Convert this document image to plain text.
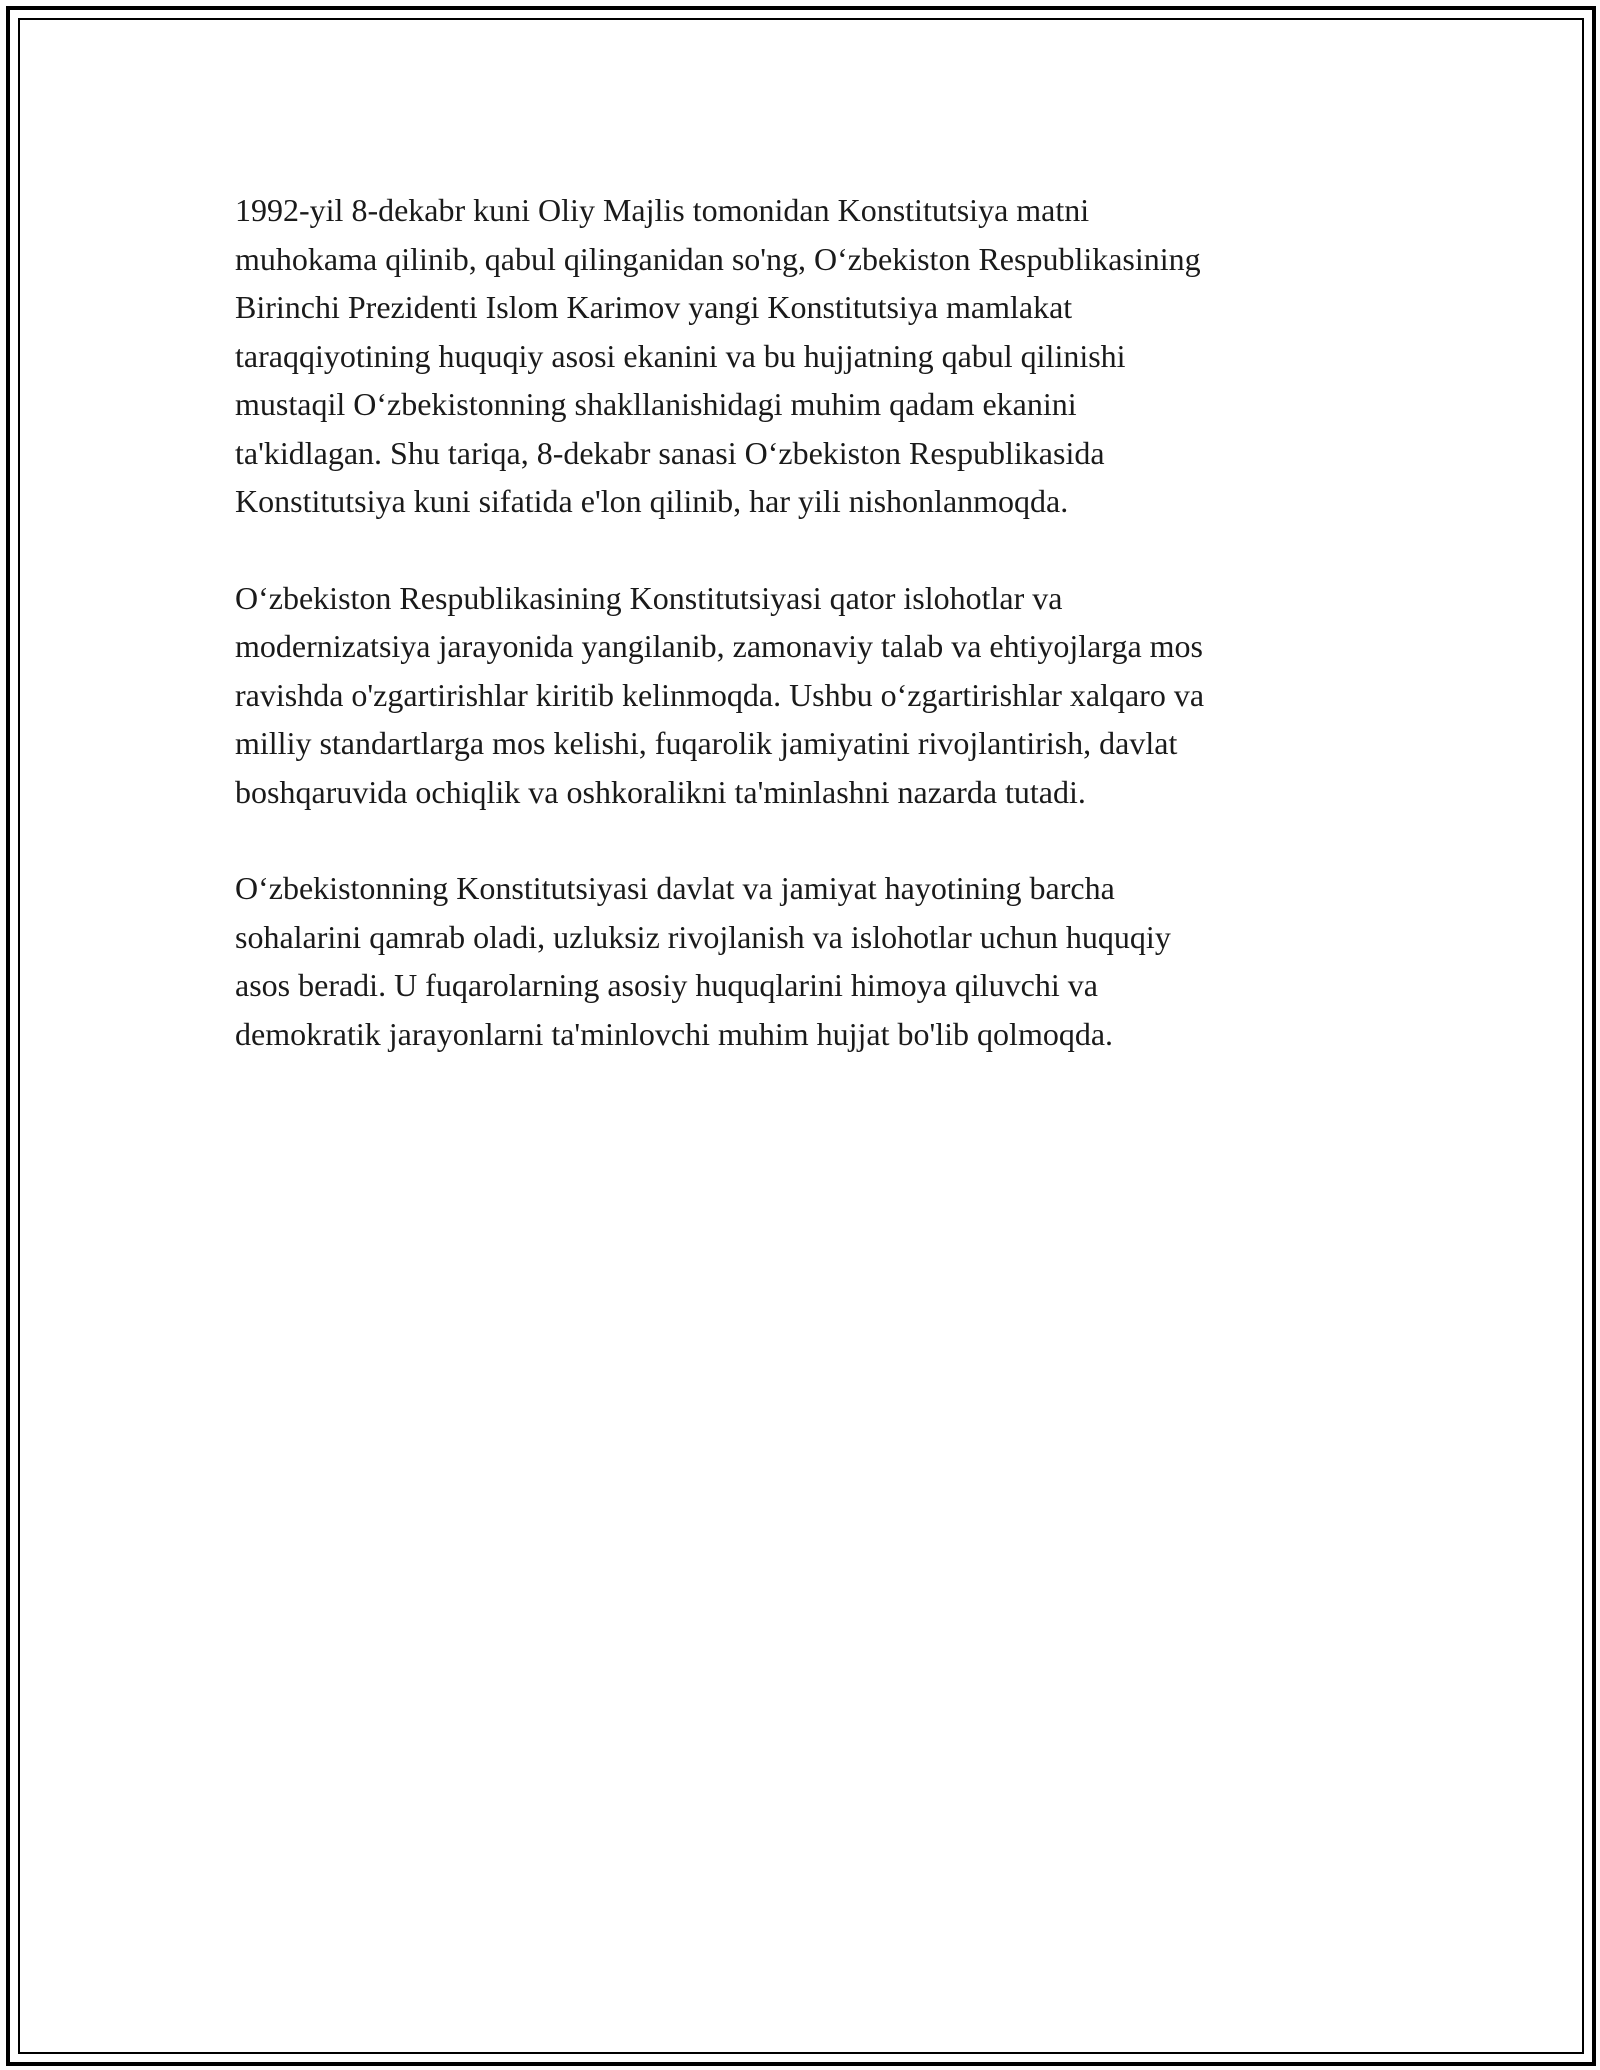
1992-yil 8-dekabr kuni Oliy Majlis tomonidan Konstitutsiya matni
muhokama qilinib, qabul qilinganidan so'ng, O‘zbekiston Respublikasining
Birinchi Prezidenti Islom Karimov yangi Konstitutsiya mamlakat
taraqqiyotining huquqiy asosi ekanini va bu hujjatning qabul qilinishi
mustaqil O‘zbekistonning shakllanishidagi muhim qadam ekanini
ta'kidlagan. Shu tariqa, 8-dekabr sanasi O‘zbekiston Respublikasida
Konstitutsiya kuni sifatida e'lon qilinib, har yili nishonlanmoqda.

O‘zbekiston Respublikasining Konstitutsiyasi qator islohotlar va
modernizatsiya jarayonida yangilanib, zamonaviy talab va ehtiyojlarga mos
ravishda o'zgartirishlar kiritib kelinmoqda. Ushbu o‘zgartirishlar xalqaro va
milliy standartlarga mos kelishi, fuqarolik jamiyatini rivojlantirish, davlat
boshqaruvida ochiqlik va oshkoralikni ta'minlashni nazarda tutadi.

O‘zbekistonning Konstitutsiyasi davlat va jamiyat hayotining barcha
sohalarini qamrab oladi, uzluksiz rivojlanish va islohotlar uchun huquqiy
asos beradi. U fuqarolarning asosiy huquqlarini himoya qiluvchi va
demokratik jarayonlarni ta'minlovchi muhim hujjat bo'lib qolmoqda.
